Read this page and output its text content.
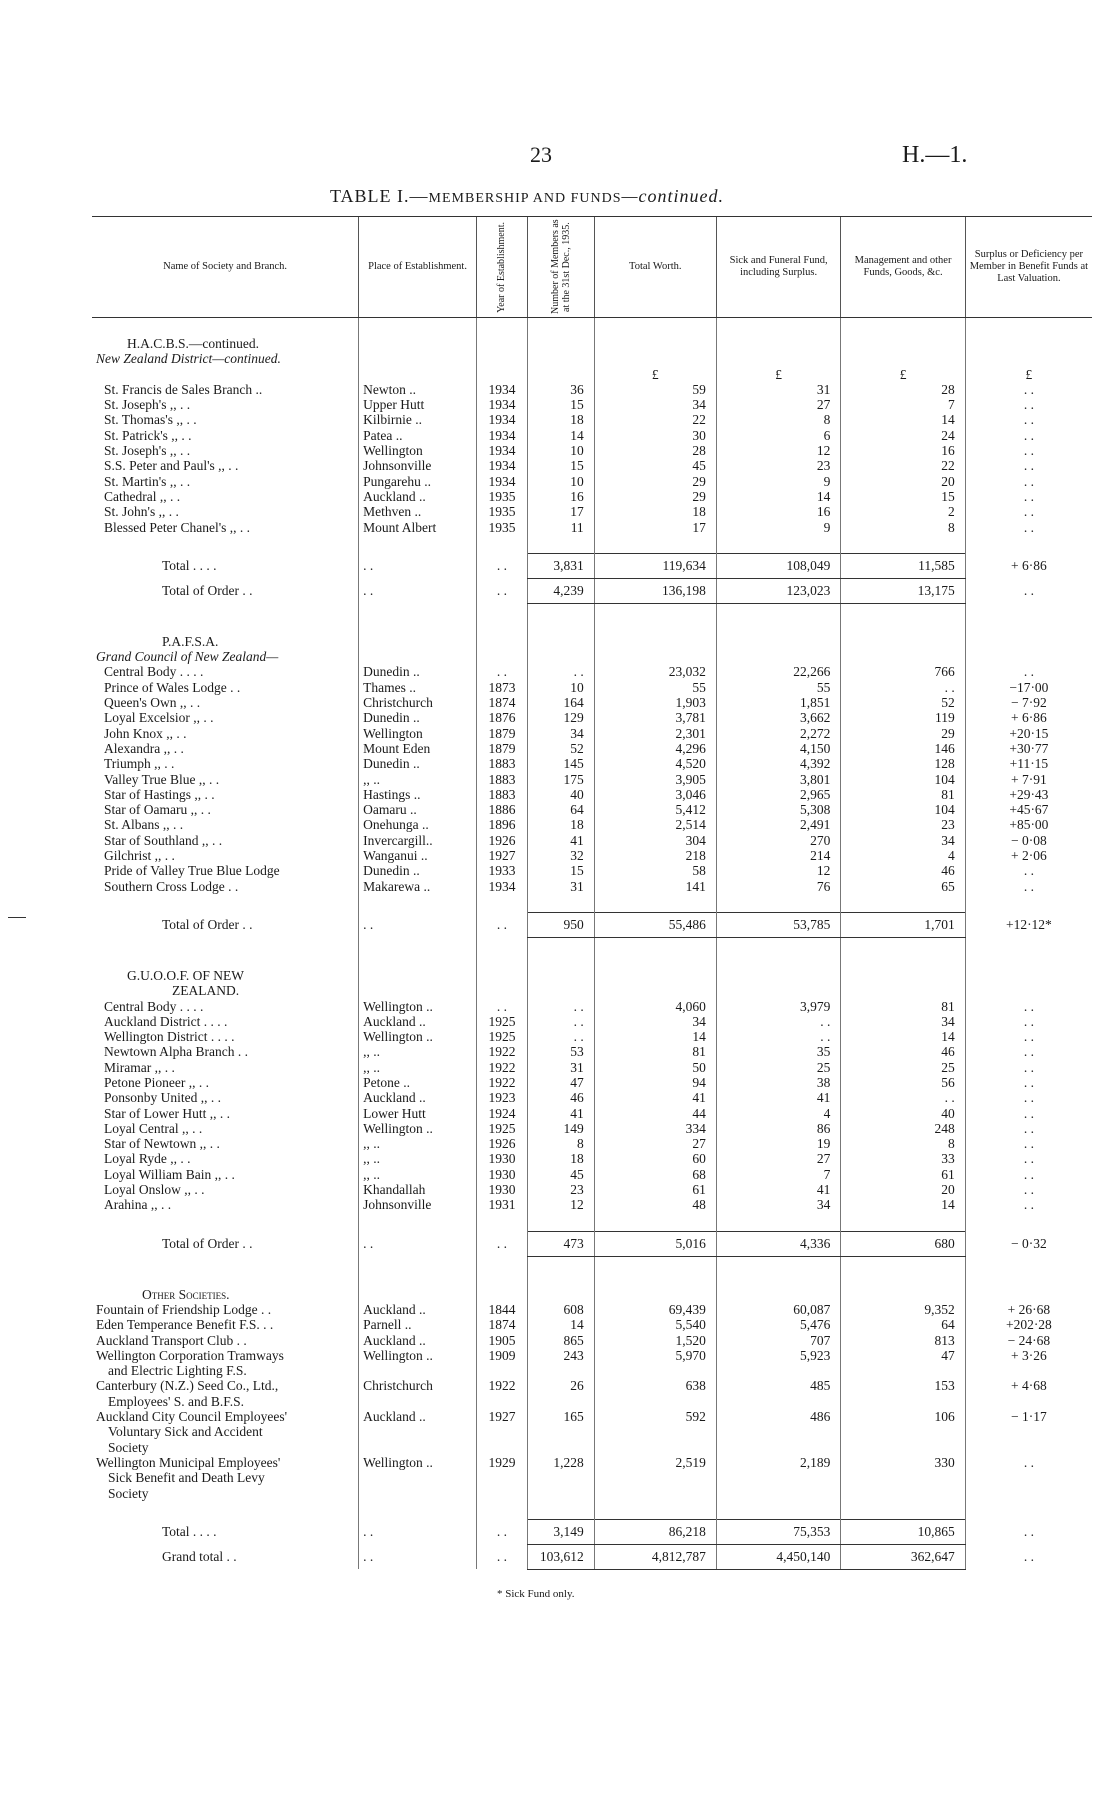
23	H.—1.
TABLE I.—MEMBERSHIP AND FUNDS—continued.
Name of Society and Branch.	Place of Establishment.	Year of Establishment.	Number of Members as at the 31st Dec., 1935.	Total Worth.	Sick and Funeral Fund, including Surplus.	Management and other Funds, Goods, &c.	Surplus or Deficiency per Member in Benefit Funds at Last Valuation.

H.A.C.B.S.—continued.							
New Zealand District—continued.							
				£	£	£	£
St. Francis de Sales Branch ..	Newton ..	1934	36	59	31	28	. .
St. Joseph's ,, . .	Upper Hutt	1934	15	34	27	7	. .
St. Thomas's ,, . .	Kilbirnie ..	1934	18	22	8	14	. .
St. Patrick's ,, . .	Patea ..	1934	14	30	6	24	. .
St. Joseph's ,, . .	Wellington	1934	10	28	12	16	. .
S.S. Peter and Paul's ,, . .	Johnsonville	1934	15	45	23	22	. .
St. Martin's ,, . .	Pungarehu ..	1934	10	29	9	20	. .
Cathedral ,, . .	Auckland ..	1935	16	29	14	15	. .
St. John's ,, . .	Methven ..	1935	17	18	16	2	. .
Blessed Peter Chanel's ,, . .	Mount Albert	1935	11	17	9	8	. .

Total . . . .	. .	. .	3,831	119,634	108,049	11,585	+ 6·86
Total of Order . .	. .	. .	4,239	136,198	123,023	13,175	. .

P.A.F.S.A.							
Grand Council of New Zealand—							
Central Body . . . .	Dunedin ..	. .	. .	23,032	22,266	766	. .
Prince of Wales Lodge . .	Thames ..	1873	10	55	55	. .	−17·00
Queen's Own ,, . .	Christchurch	1874	164	1,903	1,851	52	− 7·92
Loyal Excelsior ,, . .	Dunedin ..	1876	129	3,781	3,662	119	+ 6·86
John Knox ,, . .	Wellington	1879	34	2,301	2,272	29	+20·15
Alexandra ,, . .	Mount Eden	1879	52	4,296	4,150	146	+30·77
Triumph ,, . .	Dunedin ..	1883	145	4,520	4,392	128	+11·15
Valley True Blue ,, . .	,, ..	1883	175	3,905	3,801	104	+ 7·91
Star of Hastings ,, . .	Hastings ..	1883	40	3,046	2,965	81	+29·43
Star of Oamaru ,, . .	Oamaru ..	1886	64	5,412	5,308	104	+45·67
St. Albans ,, . .	Onehunga ..	1896	18	2,514	2,491	23	+85·00
Star of Southland ,, . .	Invercargill..	1926	41	304	270	34	− 0·08
Gilchrist ,, . .	Wanganui ..	1927	32	218	214	4	+ 2·06
Pride of Valley True Blue Lodge	Dunedin ..	1933	15	58	12	46	. .
Southern Cross Lodge . .	Makarewa ..	1934	31	141	76	65	. .

Total of Order . .	. .	. .	950	55,486	53,785	1,701	+12·12*

G.U.O.O.F. OF NEW							
ZEALAND.							
Central Body . . . .	Wellington ..	. .	. .	4,060	3,979	81	. .
Auckland District . . . .	Auckland ..	1925	. .	34	. .	34	. .
Wellington District . . . .	Wellington ..	1925	. .	14	. .	14	. .
Newtown Alpha Branch . .	,, ..	1922	53	81	35	46	. .
Miramar ,, . .	,, ..	1922	31	50	25	25	. .
Petone Pioneer ,, . .	Petone ..	1922	47	94	38	56	. .
Ponsonby United ,, . .	Auckland ..	1923	46	41	41	. .	. .
Star of Lower Hutt ,, . .	Lower Hutt	1924	41	44	4	40	. .
Loyal Central ,, . .	Wellington ..	1925	149	334	86	248	. .
Star of Newtown ,, . .	,, ..	1926	8	27	19	8	. .
Loyal Ryde ,, . .	,, ..	1930	18	60	27	33	. .
Loyal William Bain ,, . .	,, ..	1930	45	68	7	61	. .
Loyal Onslow ,, . .	Khandallah	1930	23	61	41	20	. .
Arahina ,, . .	Johnsonville	1931	12	48	34	14	. .

Total of Order . .	. .	. .	473	5,016	4,336	680	− 0·32

Other Societies.							
Fountain of Friendship Lodge . .	Auckland ..	1844	608	69,439	60,087	9,352	+ 26·68
Eden Temperance Benefit F.S. . .	Parnell ..	1874	14	5,540	5,476	64	+202·28
Auckland Transport Club . .	Auckland ..	1905	865	1,520	707	813	− 24·68
Wellington Corporation Tramways
and Electric Lighting F.S.	Wellington ..	1909	243	5,970	5,923	47	+ 3·26
Canterbury (N.Z.) Seed Co., Ltd.,
Employees' S. and B.F.S.	Christchurch	1922	26	638	485	153	+ 4·68
Auckland City Council Employees'
Voluntary Sick and Accident
Society	Auckland ..	1927	165	592	486	106	− 1·17
Wellington Municipal Employees'
Sick Benefit and Death Levy
Society	Wellington ..	1929	1,228	2,519	2,189	330	. .

Total . . . .	. .	. .	3,149	86,218	75,353	10,865	. .
Grand total . .	. .	. .	103,612	4,812,787	4,450,140	362,647	. .
* Sick Fund only.
